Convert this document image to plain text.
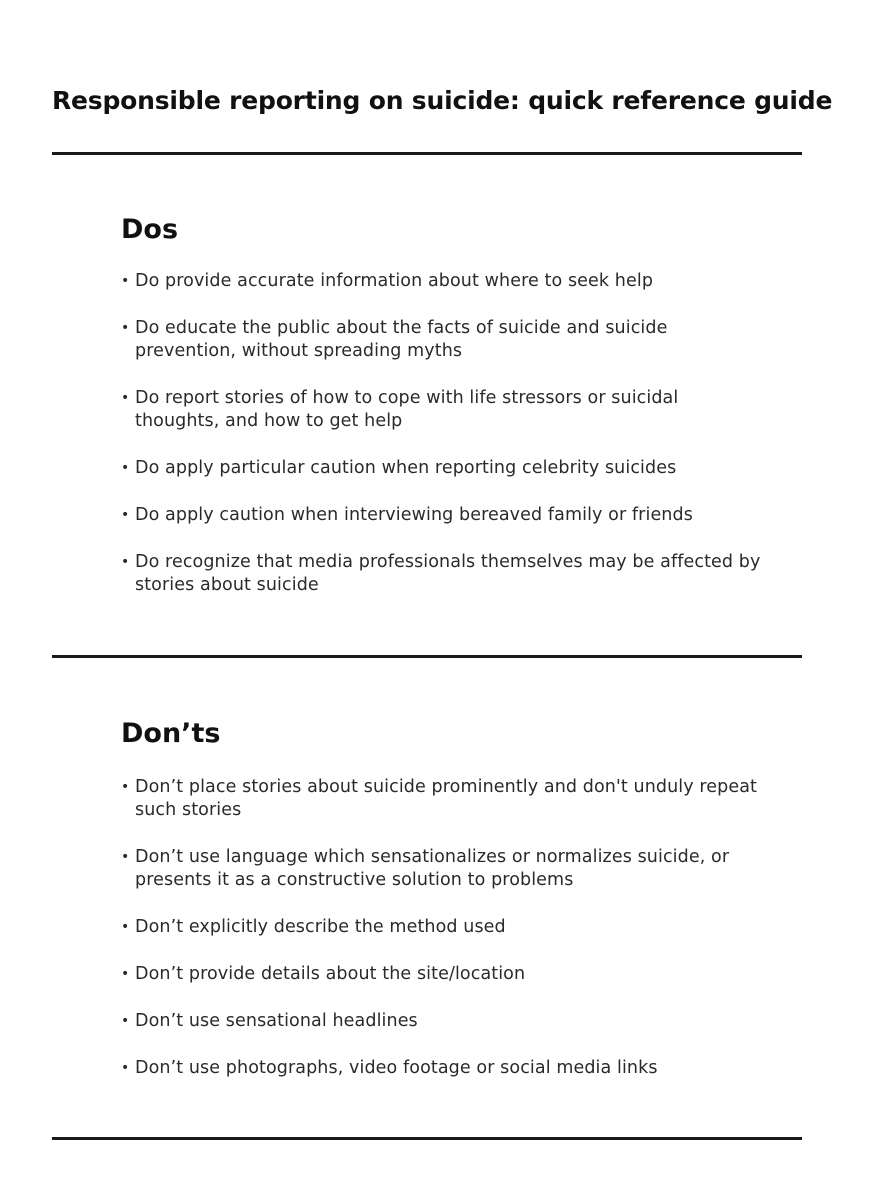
Responsible reporting on suicide: quick reference guide
Dos
• Do provide accurate information about where to seek help
• Do educate the public about the facts of suicide and suicide prevention, without spreading myths
• Do report stories of how to cope with life stressors or suicidal thoughts, and how to get help
• Do apply particular caution when reporting celebrity suicides
• Do apply caution when interviewing bereaved family or friends
• Do recognize that media professionals themselves may be affected by stories about suicide
Don’ts
• Don’t place stories about suicide prominently and don't unduly repeat such stories
• Don’t use language which sensationalizes or normalizes suicide, or presents it as a constructive solution to problems
• Don’t explicitly describe the method used
• Don’t provide details about the site/location
• Don’t use sensational headlines
• Don’t use photographs, video footage or social media links
